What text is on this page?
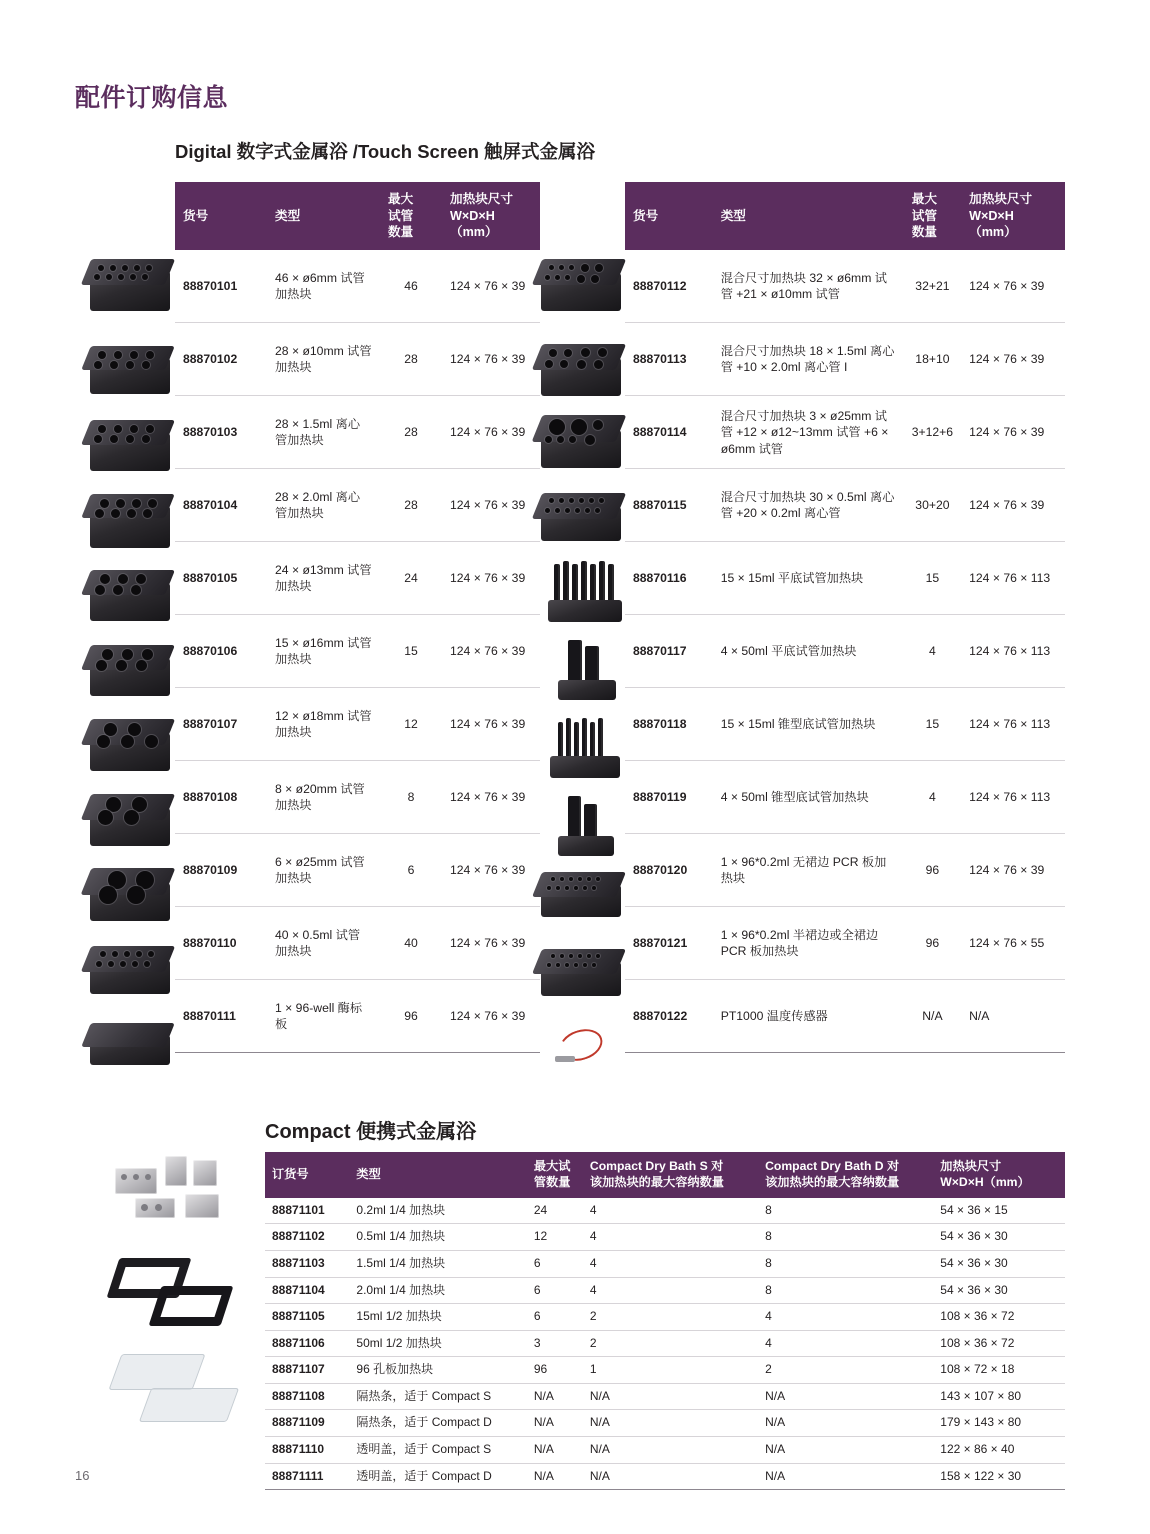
配件订购信息
Digital 数字式金属浴 /Touch Screen 触屏式金属浴
Compact 便携式金属浴
货号	类型	
最大
试管
数量

加热块尺寸
W×D×H
（mm）

88870101	46 × ø6mm 试管加热块	46	124 × 76 × 39
88870102	28 × ø10mm 试管加热块	28	124 × 76 × 39
88870103	28 × 1.5ml 离心管加热块	28	124 × 76 × 39
88870104	28 × 2.0ml 离心管加热块	28	124 × 76 × 39
88870105	24 × ø13mm 试管加热块	24	124 × 76 × 39
88870106	15 × ø16mm 试管加热块	15	124 × 76 × 39
88870107	12 × ø18mm 试管加热块	12	124 × 76 × 39
88870108	8 × ø20mm 试管加热块	8	124 × 76 × 39
88870109	6 × ø25mm 试管加热块	6	124 × 76 × 39
88870110	40 × 0.5ml 试管加热块	40	124 × 76 × 39
88870111	1 × 96-well 酶标板	96	124 × 76 × 39
货号	类型	
最大
试管
数量

加热块尺寸
W×D×H
（mm）

88870112	混合尺寸加热块 32 × ø6mm 试管 +21 × ø10mm 试管	32+21	124 × 76 × 39
88870113	混合尺寸加热块 18 × 1.5ml 离心管 +10 × 2.0ml 离心管 I	18+10	124 × 76 × 39
88870114	混合尺寸加热块 3 × ø25mm 试管 +12 × ø12~13mm 试管 +6 × ø6mm 试管	3+12+6	124 × 76 × 39
88870115	混合尺寸加热块 30 × 0.5ml 离心管 +20 × 0.2ml 离心管	30+20	124 × 76 × 39
88870116	15 × 15ml 平底试管加热块	15	124 × 76 × 113
88870117	4 × 50ml 平底试管加热块	4	124 × 76 × 113
88870118	15 × 15ml 锥型底试管加热块	15	124 × 76 × 113
88870119	4 × 50ml 锥型底试管加热块	4	124 × 76 × 113
88870120	1 × 96*0.2ml 无裙边 PCR 板加热块	96	124 × 76 × 39
88870121	1 × 96*0.2ml 半裙边或全裙边 PCR 板加热块	96	124 × 76 × 55
88870122	PT1000 温度传感器	N/A	N/A
订货号	类型	
最大试
管数量

Compact Dry Bath S 对
该加热块的最大容纳数量

Compact Dry Bath D 对
该加热块的最大容纳数量

加热块尺寸
W×D×H（mm）

88871101	0.2ml 1/4 加热块	24	4	8	54 × 36 × 15
88871102	0.5ml 1/4 加热块	12	4	8	54 × 36 × 30
88871103	1.5ml 1/4 加热块	6	4	8	54 × 36 × 30
88871104	2.0ml 1/4 加热块	6	4	8	54 × 36 × 30
88871105	15ml 1/2 加热块	6	2	4	108 × 36 × 72
88871106	50ml 1/2 加热块	3	2	4	108 × 36 × 72
88871107	96 孔板加热块	96	1	2	108 × 72 × 18
88871108	隔热条，适于 Compact S	N/A	N/A	N/A	143 × 107 × 80
88871109	隔热条，适于 Compact D	N/A	N/A	N/A	179 × 143 × 80
88871110	透明盖，适于 Compact S	N/A	N/A	N/A	122 × 86 × 40
88871111	透明盖，适于 Compact D	N/A	N/A	N/A	158 × 122 × 30
16
